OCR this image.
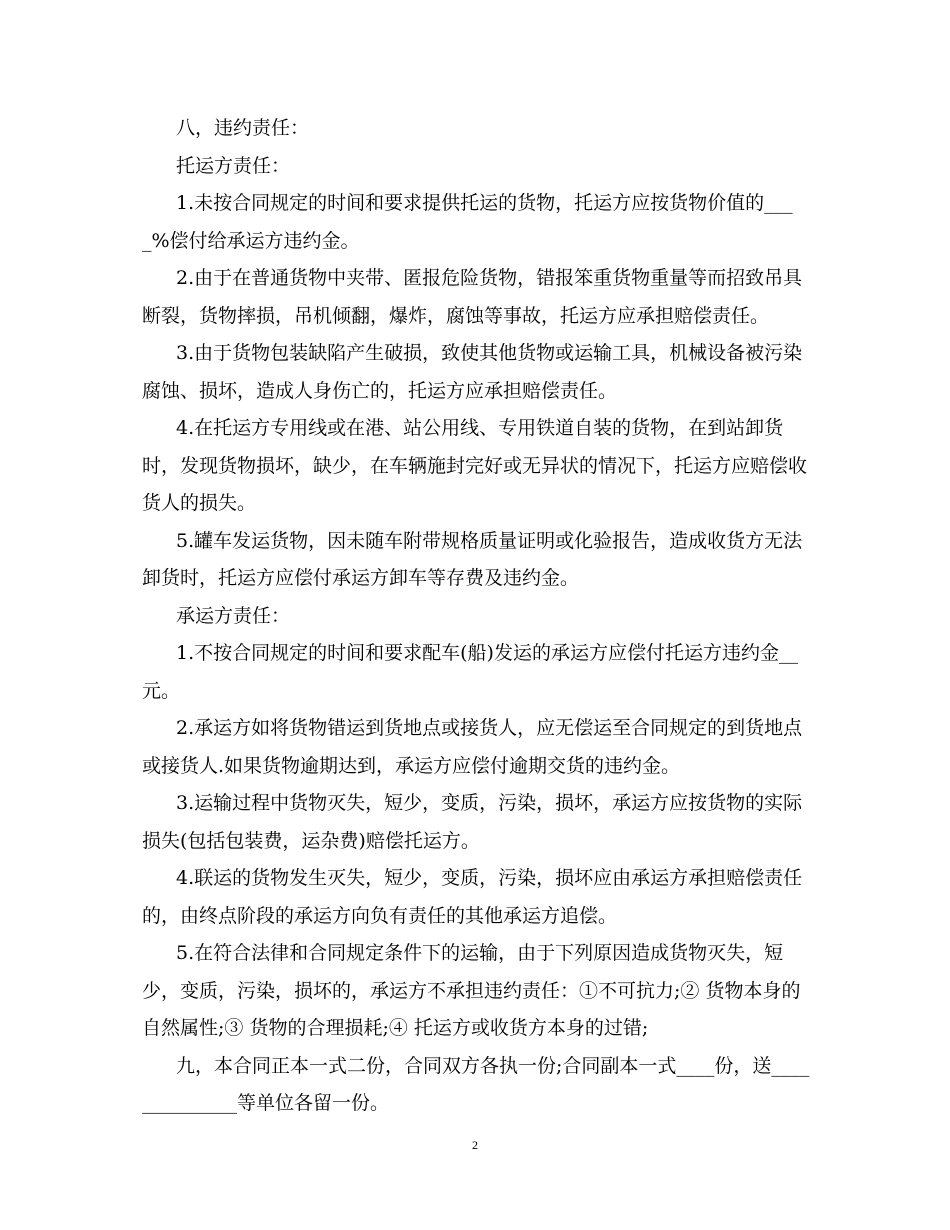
八，违约责任：

托运方责任：

1.未按合同规定的时间和要求提供托运的货物，托运方应按货物价值的____%偿付给承运方违约金。

2.由于在普通货物中夹带、匿报危险货物，错报笨重货物重量等而招致吊具断裂，货物摔损，吊机倾翻，爆炸，腐蚀等事故，托运方应承担赔偿责任。

3.由于货物包装缺陷产生破损，致使其他货物或运输工具，机械设备被污染腐蚀、损坏，造成人身伤亡的，托运方应承担赔偿责任。

4.在托运方专用线或在港、站公用线、专用铁道自装的货物，在到站卸货时，发现货物损坏，缺少，在车辆施封完好或无异状的情况下，托运方应赔偿收货人的损失。

5.罐车发运货物，因未随车附带规格质量证明或化验报告，造成收货方无法卸货时，托运方应偿付承运方卸车等存费及违约金。

承运方责任：

1.不按合同规定的时间和要求配车(船)发运的承运方应偿付托运方违约金__元。

2.承运方如将货物错运到货地点或接货人，应无偿运至合同规定的到货地点或接货人.如果货物逾期达到，承运方应偿付逾期交货的违约金。

3.运输过程中货物灭失，短少，变质，污染，损坏，承运方应按货物的实际损失(包括包装费，运杂费)赔偿托运方。

4.联运的货物发生灭失，短少，变质，污染，损坏应由承运方承担赔偿责任的，由终点阶段的承运方向负有责任的其他承运方追偿。

5.在符合法律和合同规定条件下的运输，由于下列原因造成货物灭失，短少，变质，污染，损坏的，承运方不承担违约责任：①不可抗力;② 货物本身的自然属性;③ 货物的合理损耗;④ 托运方或收货方本身的过错;

九，本合同正本一式二份，合同双方各执一份;合同副本一式____份，送______________等单位各留一份。

2
